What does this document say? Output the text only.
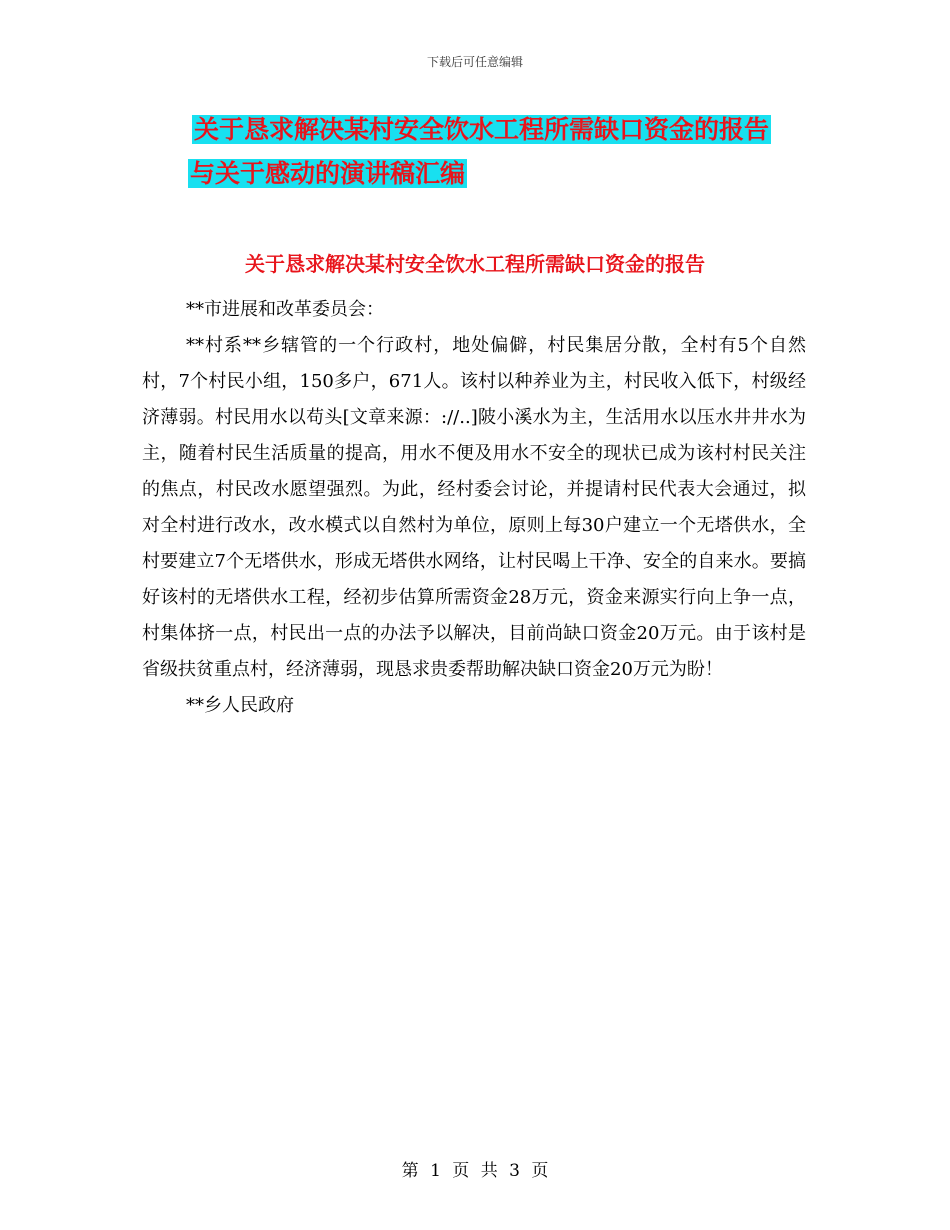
下载后可任意编辑
关于恳求解决某村安全饮水工程所需缺口资金的报告
与关于感动的演讲稿汇编
关于恳求解决某村安全饮水工程所需缺口资金的报告

**市进展和改革委员会：

**村系**乡辖管的一个行政村，地处偏僻，村民集居分散，全村有5个自然村，7个村民小组，150多户，671人。该村以种养业为主，村民收入低下，村级经济薄弱。村民用水以苟头[文章来源：://..]陂小溪水为主，生活用水以压水井井水为主，随着村民生活质量的提高，用水不便及用水不安全的现状已成为该村村民关注的焦点，村民改水愿望强烈。为此，经村委会讨论，并提请村民代表大会通过，拟对全村进行改水，改水模式以自然村为单位，原则上每30户建立一个无塔供水，全村要建立7个无塔供水，形成无塔供水网络，让村民喝上干净、安全的自来水。要搞好该村的无塔供水工程，经初步估算所需资金28万元，资金来源实行向上争一点，村集体挤一点，村民出一点的办法予以解决，目前尚缺口资金20万元。由于该村是省级扶贫重点村，经济薄弱，现恳求贵委帮助解决缺口资金20万元为盼！

**乡人民政府

第 1 页 共 3 页
